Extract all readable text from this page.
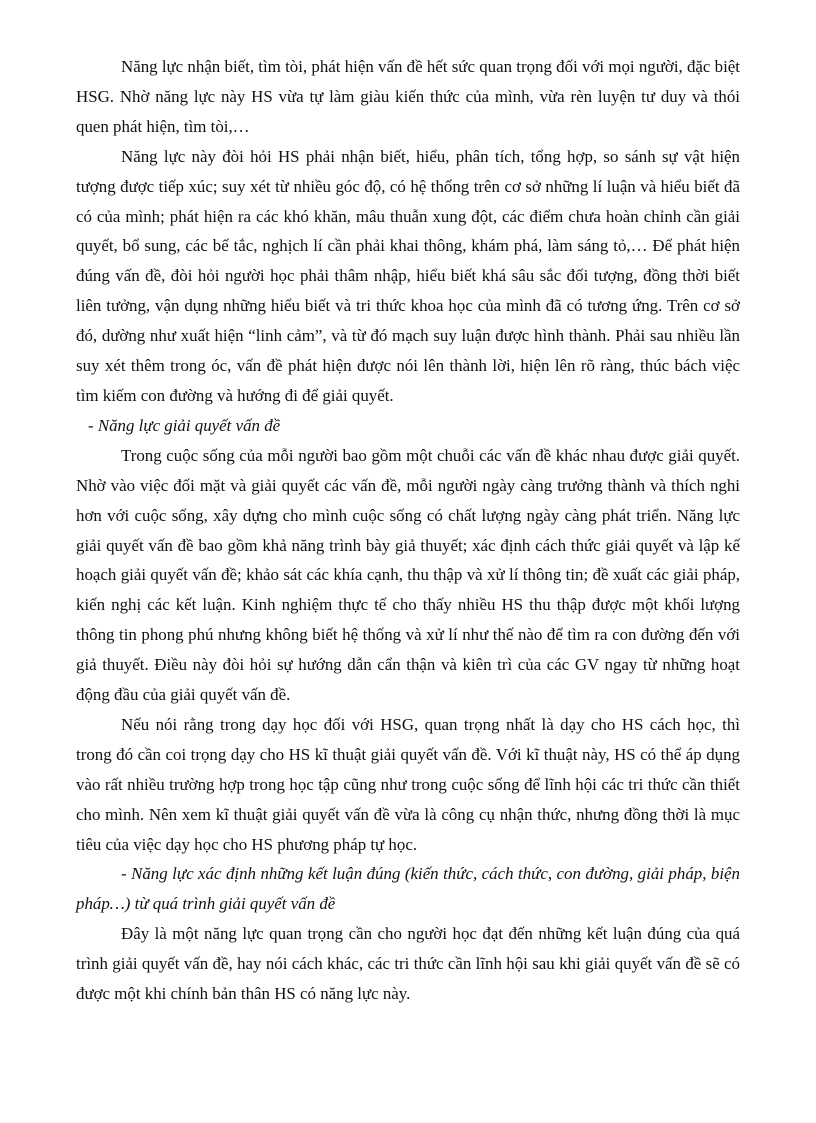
Năng lực nhận biết, tìm tòi, phát hiện vấn đề hết sức quan trọng đối với mọi người, đặc biệt HSG. Nhờ năng lực này HS vừa tự làm giàu kiến thức của mình, vừa rèn luyện tư duy và thói quen phát hiện, tìm tòi,…

Năng lực này đòi hỏi HS phải nhận biết, hiểu, phân tích, tổng hợp, so sánh sự vật hiện tượng được tiếp xúc; suy xét từ nhiều góc độ, có hệ thống trên cơ sở những lí luận và hiểu biết đã có của mình; phát hiện ra các khó khăn, mâu thuẫn xung đột, các điểm chưa hoàn chỉnh cần giải quyết, bổ sung, các bế tắc, nghịch lí cần phải khai thông, khám phá, làm sáng tỏ,… Để phát hiện đúng vấn đề, đòi hỏi người học phải thâm nhập, hiểu biết khá sâu sắc đối tượng, đồng thời biết liên tưởng, vận dụng những hiểu biết và tri thức khoa học của mình đã có tương ứng. Trên cơ sở đó, dường như xuất hiện “linh cảm”, và từ đó mạch suy luận được hình thành. Phải sau nhiều lần suy xét thêm trong óc, vấn đề phát hiện được nói lên thành lời, hiện lên rõ ràng, thúc bách việc tìm kiếm con đường và hướng đi để giải quyết.

- Năng lực giải quyết vấn đề

Trong cuộc sống của mỗi người bao gồm một chuỗi các vấn đề khác nhau được giải quyết. Nhờ vào việc đối mặt và giải quyết các vấn đề, mỗi người ngày càng trưởng thành và thích nghi hơn với cuộc sống, xây dựng cho mình cuộc sống có chất lượng ngày càng phát triển. Năng lực giải quyết vấn đề bao gồm khả năng trình bày giả thuyết; xác định cách thức giải quyết và lập kế hoạch giải quyết vấn đề; khảo sát các khía cạnh, thu thập và xử lí thông tin; đề xuất các giải pháp, kiến nghị các kết luận. Kinh nghiệm thực tế cho thấy nhiều HS thu thập được một khối lượng thông tin phong phú nhưng không biết hệ thống và xử lí như thế nào để tìm ra con đường đến với giả thuyết. Điều này đòi hỏi sự hướng dẫn cẩn thận và kiên trì của các GV ngay từ những hoạt động đầu của giải quyết vấn đề.

Nếu nói rằng trong dạy học đối với HSG, quan trọng nhất là dạy cho HS cách học, thì trong đó cần coi trọng dạy cho HS kĩ thuật giải quyết vấn đề. Với kĩ thuật này, HS có thể áp dụng vào rất nhiều trường hợp trong học tập cũng như trong cuộc sống để lĩnh hội các tri thức cần thiết cho mình. Nên xem kĩ thuật giải quyết vấn đề vừa là công cụ nhận thức, nhưng đồng thời là mục tiêu của việc dạy học cho HS phương pháp tự học.

- Năng lực xác định những kết luận đúng (kiến thức, cách thức, con đường, giải pháp, biện pháp…) từ quá trình giải quyết vấn đề

Đây là một năng lực quan trọng cần cho người học đạt đến những kết luận đúng của quá trình giải quyết vấn đề, hay nói cách khác, các tri thức cần lĩnh hội sau khi giải quyết vấn đề sẽ có được một khi chính bản thân HS có năng lực này.
